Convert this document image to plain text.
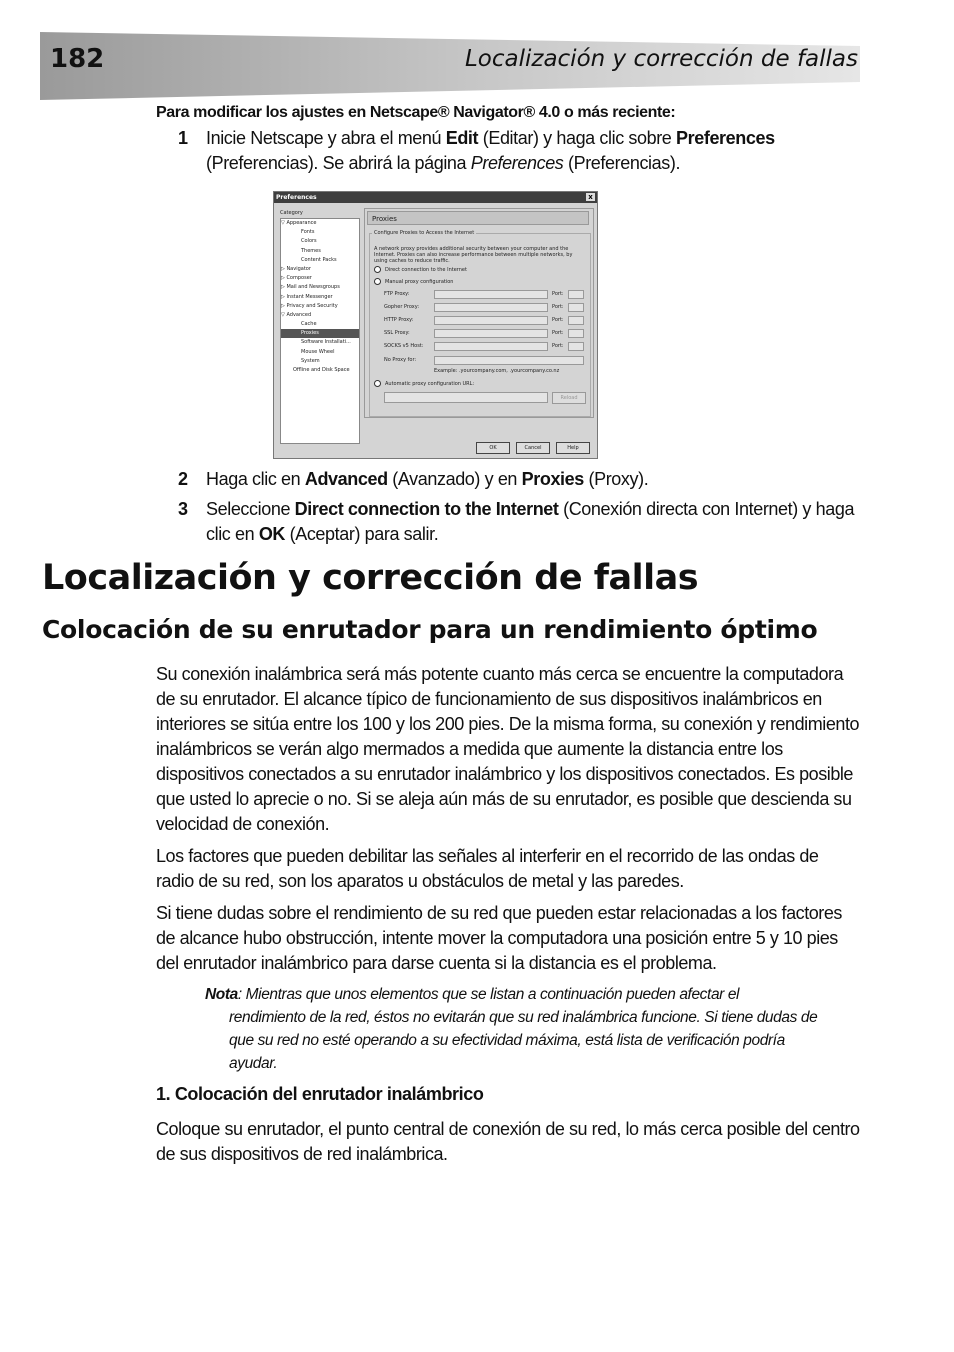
182	Localización y corrección de fallas
Para modificar los ajustes en Netscape® Navigator® 4.0 o más reciente:
1 Inicie Netscape y abra el menú Edit (Editar) y haga clic sobre Preferences (Preferencias). Se abrirá la página Preferences (Preferencias).
Preferences	x
Category
▽ Appearance
Fonts
Colors
Themes
Content Packs
▷ Navigator
▷ Composer
▷ Mail and Newsgroups
▷ Instant Messenger
▷ Privacy and Security
▽ Advanced
Cache
Proxies
Software Installati...
Mouse Wheel
System
Offline and Disk Space
Proxies
Configure Proxies to Access the Internet
A network proxy provides additional security between your computer and the Internet. Proxies can also increase performance between multiple networks, by using caches to reduce traffic.
Direct connection to the Internet
Manual proxy configuration
FTP Proxy:	Port:
Gopher Proxy:	Port:
HTTP Proxy:	Port:
SSL Proxy:	Port:
SOCKS v5 Host:	Port:
No Proxy for:
Example: .yourcompany.com, .yourcompany.co.nz
Automatic proxy configuration URL:
Reload
OK	Cancel	Help
2 Haga clic en Advanced (Avanzado) y en Proxies (Proxy).
3 Seleccione Direct connection to the Internet (Conexión directa con Internet) y haga clic en OK (Aceptar) para salir.
Localización y corrección de fallas
Colocación de su enrutador para un rendimiento óptimo
Su conexión inalámbrica será más potente cuanto más cerca se encuentre la computadora de su enrutador. El alcance típico de funcionamiento de sus dispositivos inalámbricos en interiores se sitúa entre los 100 y los 200 pies. De la misma forma, su conexión y rendimiento inalámbricos se verán algo mermados a medida que aumente la distancia entre los dispositivos conectados a su enrutador inalámbrico y los dispositivos conectados. Es posible que usted lo aprecie o no. Si se aleja aún más de su enrutador, es posible que descienda su velocidad de conexión.
Los factores que pueden debilitar las señales al interferir en el recorrido de las ondas de radio de su red, son los aparatos u obstáculos de metal y las paredes.
Si tiene dudas sobre el rendimiento de su red que pueden estar relacionadas a los factores de alcance hubo obstrucción, intente mover la computadora una posición entre 5 y 10 pies del enrutador inalámbrico para darse cuenta si la distancia es el problema.
Nota: Mientras que unos elementos que se listan a continuación pueden afectar el
rendimiento de la red, éstos no evitarán que su red inalámbrica funcione. Si tiene dudas de que su red no esté operando a su efectividad máxima, está lista de verificación podría ayudar.
1. Colocación del enrutador inalámbrico
Coloque su enrutador, el punto central de conexión de su red, lo más cerca posible del centro de sus dispositivos de red inalámbrica.
